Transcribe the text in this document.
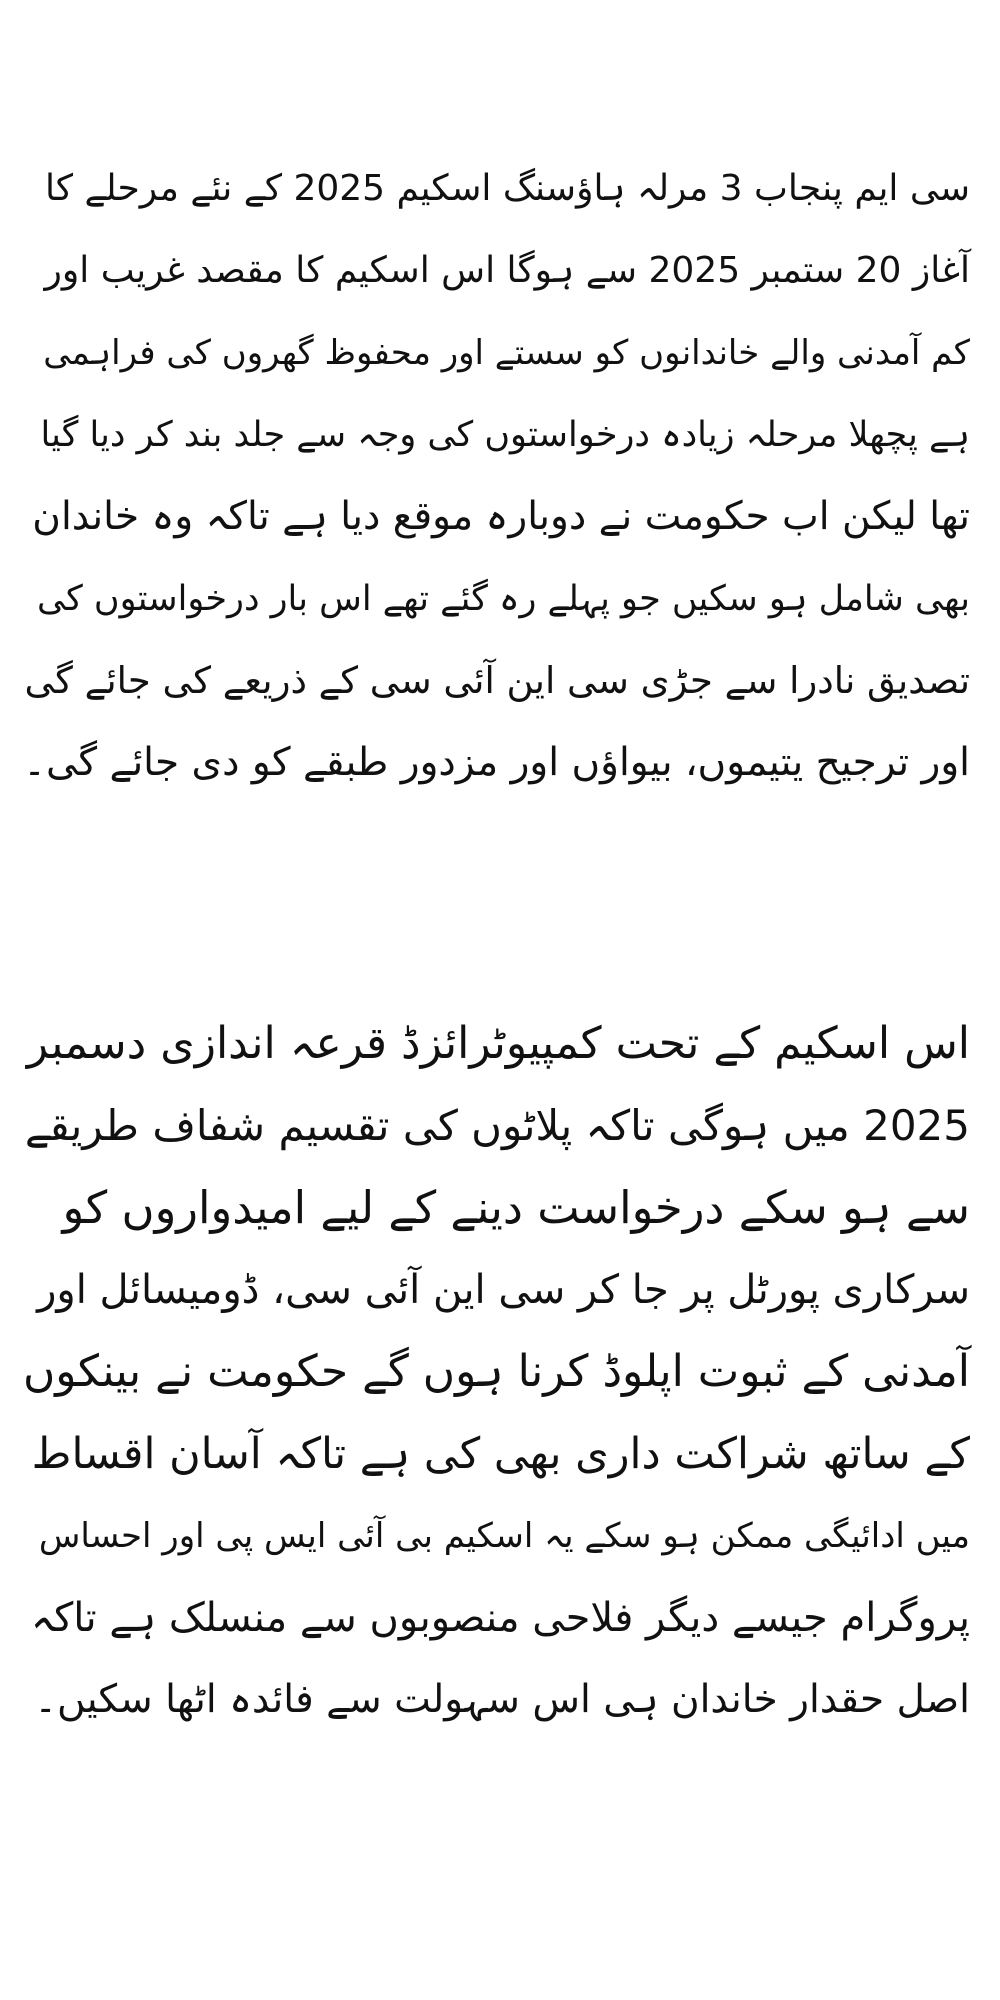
سی ایم پنجاب 3 مرلہ ہاؤسنگ اسکیم 2025 کے نئے مرحلے کا
آغاز 20 ستمبر 2025 سے ہوگا اس اسکیم کا مقصد غریب اور
کم آمدنی والے خاندانوں کو سستے اور محفوظ گھروں کی فراہمی
ہے پچھلا مرحلہ زیادہ درخواستوں کی وجہ سے جلد بند کر دیا گیا
تھا لیکن اب حکومت نے دوبارہ موقع دیا ہے تاکہ وہ خاندان
بھی شامل ہو سکیں جو پہلے رہ گئے تھے اس بار درخواستوں کی
تصدیق نادرا سے جڑی سی این آئی سی کے ذریعے کی جائے گی
اور ترجیح یتیموں، بیواؤں اور مزدور طبقے کو دی جائے گی۔
اس اسکیم کے تحت کمپیوٹرائزڈ قرعہ اندازی دسمبر
2025 میں ہوگی تاکہ پلاٹوں کی تقسیم شفاف طریقے
سے ہو سکے درخواست دینے کے لیے امیدواروں کو
سرکاری پورٹل پر جا کر سی این آئی سی، ڈومیسائل اور
آمدنی کے ثبوت اپلوڈ کرنا ہوں گے حکومت نے بینکوں
کے ساتھ شراکت داری بھی کی ہے تاکہ آسان اقساط
میں ادائیگی ممکن ہو سکے یہ اسکیم بی آئی ایس پی اور احساس
پروگرام جیسے دیگر فلاحی منصوبوں سے منسلک ہے تاکہ
اصل حقدار خاندان ہی اس سہولت سے فائدہ اٹھا سکیں۔
